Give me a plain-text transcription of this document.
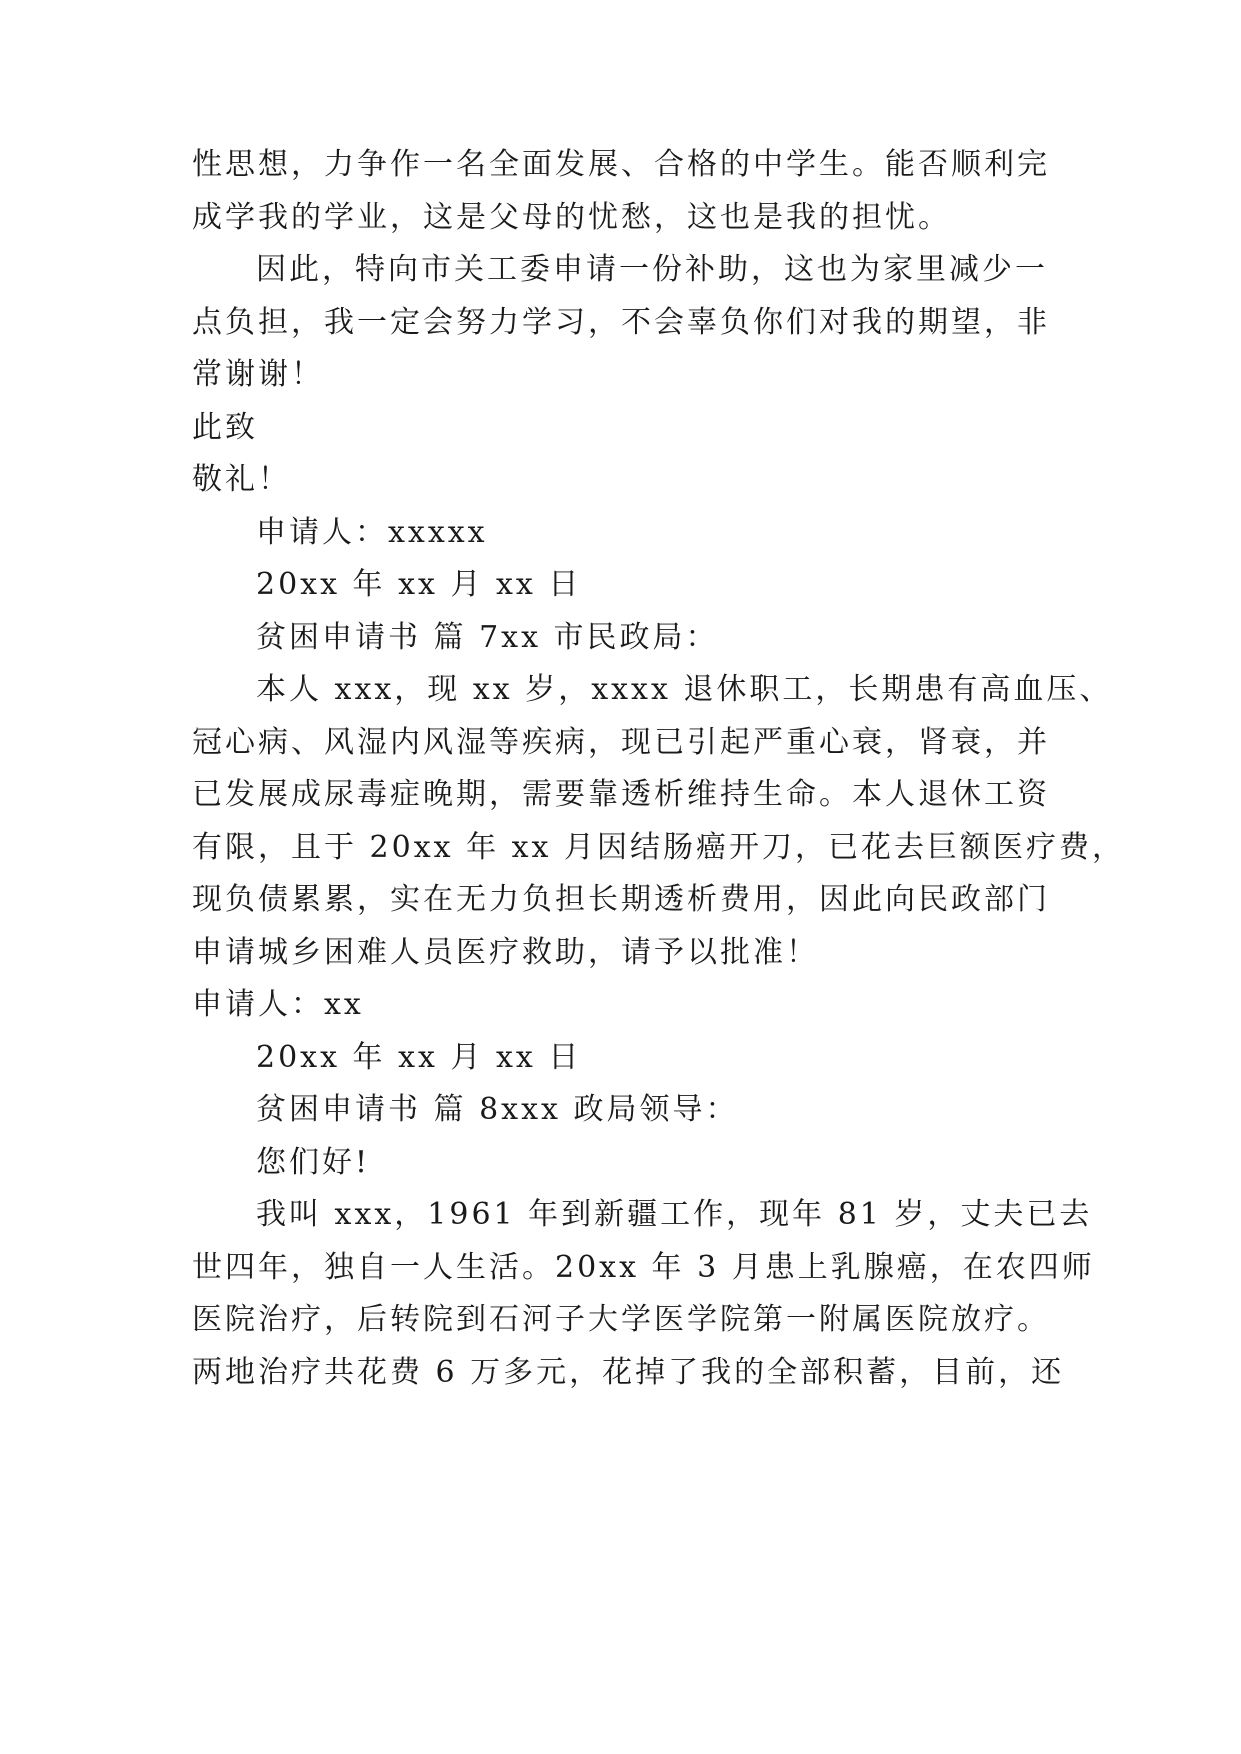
性思想，力争作一名全面发展、合格的中学生。能否顺利完
成学我的学业，这是父母的忧愁，这也是我的担忧。
因此，特向市关工委申请一份补助，这也为家里减少一
点负担，我一定会努力学习，不会辜负你们对我的期望，非
常谢谢！
此致
敬礼！
申请人：xxxxx
20xx 年 xx 月 xx 日
贫困申请书 篇 7xx 市民政局：
本人 xxx，现 xx 岁，xxxx 退休职工，长期患有高血压、
冠心病、风湿内风湿等疾病，现已引起严重心衰，肾衰，并
已发展成尿毒症晚期，需要靠透析维持生命。本人退休工资
有限，且于 20xx 年 xx 月因结肠癌开刀，已花去巨额医疗费，
现负债累累，实在无力负担长期透析费用，因此向民政部门
申请城乡困难人员医疗救助，请予以批准！
申请人：xx
20xx 年 xx 月 xx 日
贫困申请书 篇 8xxx 政局领导：
您们好!
我叫 xxx，1961 年到新疆工作，现年 81 岁，丈夫已去
世四年，独自一人生活。20xx 年 3 月患上乳腺癌，在农四师
医院治疗，后转院到石河子大学医学院第一附属医院放疗。
两地治疗共花费 6 万多元，花掉了我的全部积蓄，目前，还
